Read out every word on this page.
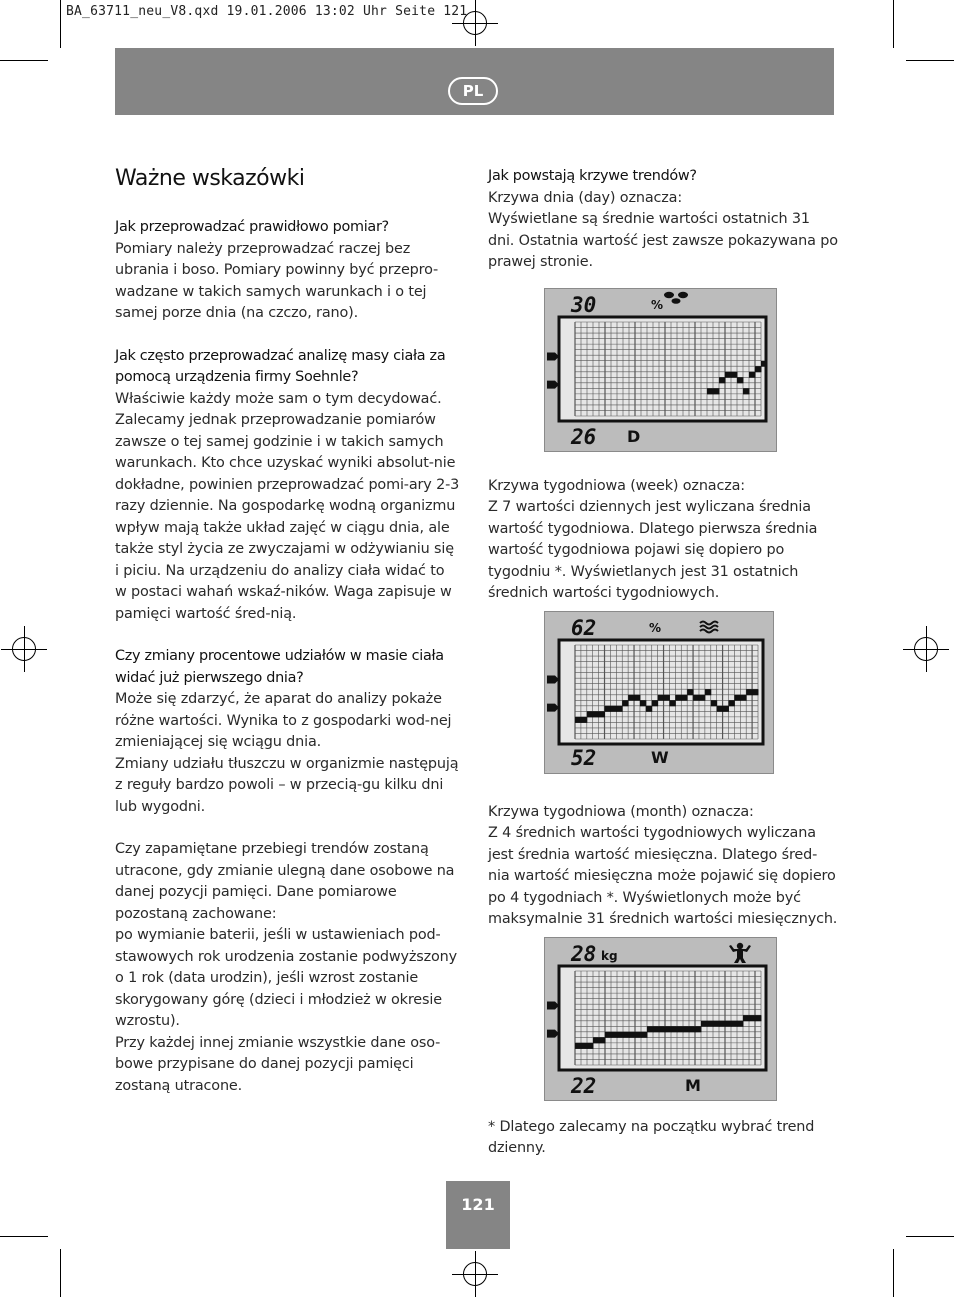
BA_63711_neu_V8.qxd 19.01.2006 13:02 Uhr Seite 121
PL
Ważne wskazówki
Jak przeprowadzać prawidłowo pomiar?
Pomiary należy przeprowadzać raczej bez ubrania i boso. Pomiary powinny być przepro-wadzane w takich samych warunkach i o tej samej porze dnia (na czczo, rano).
Jak często przeprowadzać analizę masy ciała za pomocą urządzenia firmy Soehnle?
Właściwie każdy może sam o tym decydować. Zalecamy jednak przeprowadzanie pomiarów zawsze o tej samej godzinie i w takich samych warunkach. Kto chce uzyskać wyniki absolut-nie dokładne, powinien przeprowadzać pomi-ary 2-3 razy dziennie. Na gospodarkę wodną organizmu wpływ mają także układ zajęć w ciągu dnia, ale także styl życia ze zwyczajami w odżywianiu się i piciu. Na urządzeniu do analizy ciała widać to w postaci wahań wskaź-ników. Waga zapisuje w pamięci wartość śred-nią.
Czy zmiany procentowe udziałów w masie ciała widać już pierwszego dnia?
Może się zdarzyć, że aparat do analizy pokaże różne wartości. Wynika to z gospodarki wod-nej zmieniającej się wciągu dnia.
Zmiany udziału tłuszczu w organizmie następują z reguły bardzo powoli – w przecią-gu kilku dni lub wygodni.
Czy zapamiętane przebiegi trendów zostaną utracone, gdy zmianie ulegną dane osobowe na danej pozycji pamięci. Dane pomiarowe pozostaną zachowane:
po wymianie baterii, jeśli w ustawieniach pod-stawowych rok urodzenia zostanie podwyższony o 1 rok (data urodzin), jeśli wzrost zostanie skorygowany górę (dzieci i młodzież w okresie wzrostu).
Przy każdej innej zmianie wszystkie dane oso-bowe przypisane do danej pozycji pamięci zostaną utracone.
Jak powstają krzywe trendów?
Krzywa dnia (day) oznacza:
Wyświetlane są średnie wartości ostatnich 31 dni. Ostatnia wartość jest zawsze pokazywana po prawej stronie.
30	%
26 D
Krzywa tygodniowa (week) oznacza:
Z 7 wartości dziennych jest wyliczana średnia wartość tygodniowa. Dlatego pierwsza średnia wartość tygodniowa pojawi się dopiero po tygodniu *. Wyświetlanych jest 31 ostatnich średnich wartości tygodniowych.
62	%
52	W
Krzywa tygodniowa (month) oznacza:
Z 4 średnich wartości tygodniowych wyliczana jest średnia wartość miesięczna. Dlatego śred-nia wartość miesięczna może pojawić się dopiero po 4 tygodniach *. Wyświetlonych może być maksymalnie 31 średnich wartości miesięcznych.
28 kg
22	M
* Dlatego zalecamy na początku wybrać trend dzienny.
121
